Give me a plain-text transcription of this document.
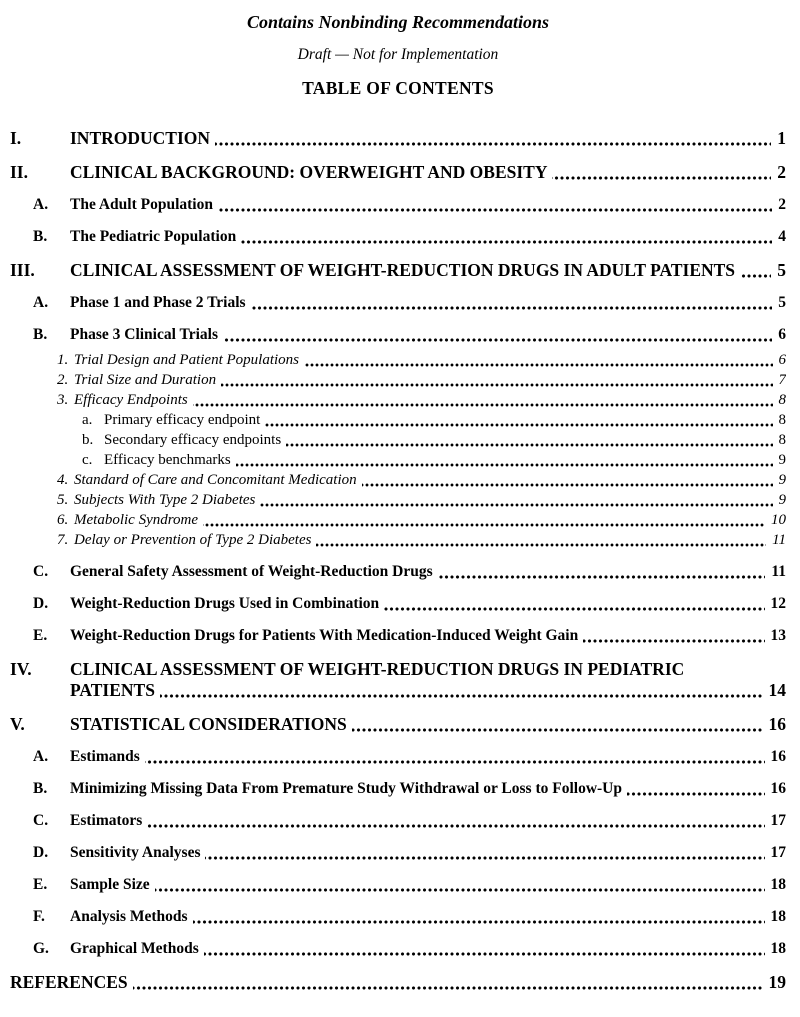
Contains Nonbinding Recommendations

Draft — Not for Implementation

TABLE OF CONTENTS

I.	INTRODUCTION	1
II. CLINICAL BACKGROUND: OVERWEIGHT AND OBESITY	2
A. The Adult Population	2
B. The Pediatric Population	4
III. CLINICAL ASSESSMENT OF WEIGHT-REDUCTION DRUGS IN ADULT PATIENTS	5
A. Phase 1 and Phase 2 Trials	5
B. Phase 3 Clinical Trials	6
1. Trial Design and Patient Populations	6
2. Trial Size and Duration	7
3. Efficacy Endpoints	8
a. Primary efficacy endpoint	8
b. Secondary efficacy endpoints	8
c. Efficacy benchmarks	9
4. Standard of Care and Concomitant Medication	9
5. Subjects With Type 2 Diabetes	9
6. Metabolic Syndrome	10
7. Delay or Prevention of Type 2 Diabetes	11
C. General Safety Assessment of Weight-Reduction Drugs	11
D. Weight-Reduction Drugs Used in Combination	12
E. Weight-Reduction Drugs for Patients With Medication-Induced Weight Gain	13
IV. CLINICAL ASSESSMENT OF WEIGHT-REDUCTION DRUGS IN PEDIATRIC PATIENTS	14
V.	STATISTICAL CONSIDERATIONS	16
A. Estimands	16
B. Minimizing Missing Data From Premature Study Withdrawal or Loss to Follow-Up	16
C. Estimators	17
D. Sensitivity Analyses	17
E. Sample Size	18
F. Analysis Methods	18
G. Graphical Methods	18
REFERENCES	19
